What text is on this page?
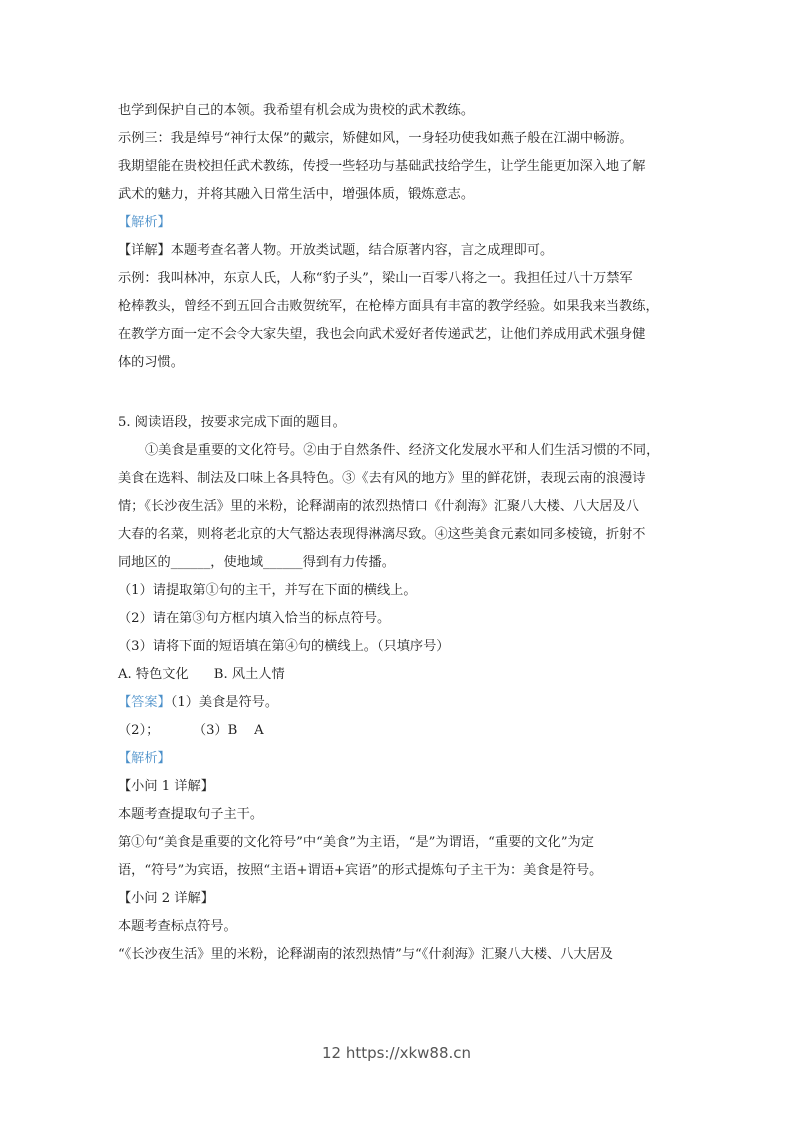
也学到保护自己的本领。我希望有机会成为贵校的武术教练。
示例三：我是绰号“神行太保”的戴宗，矫健如风，一身轻功使我如燕子般在江湖中畅游。
我期望能在贵校担任武术教练，传授一些轻功与基础武技给学生，让学生能更加深入地了解
武术的魅力，并将其融入日常生活中，增强体质，锻炼意志。
【解析】
【详解】本题考查名著人物。开放类试题，结合原著内容，言之成理即可。
示例：我叫林冲，东京人氏，人称“豹子头”，梁山一百零八将之一。我担任过八十万禁军
枪棒教头，曾经不到五回合击败贺统军，在枪棒方面具有丰富的教学经验。如果我来当教练，
在教学方面一定不会令大家失望，我也会向武术爱好者传递武艺，让他们养成用武术强身健
体的习惯。
5. 阅读语段，按要求完成下面的题目。
①美食是重要的文化符号。②由于自然条件、经济文化发展水平和人们生活习惯的不同，
美食在选料、制法及口味上各具特色。③《去有风的地方》里的鲜花饼，表现云南的浪漫诗
情；《长沙夜生活》里的米粉，论释湖南的浓烈热情口《什刹海》汇聚八大楼、八大居及八
大春的名菜，则将老北京的大气豁达表现得淋漓尽致。④这些美食元素如同多棱镜，折射不
同地区的______，使地域______得到有力传播。
（1）请提取第①句的主干，并写在下面的横线上。
（2）请在第③句方框内填入恰当的标点符号。
（3）请将下面的短语填在第④句的横线上。（只填序号）
A. 特色文化      B. 风土人情
【答案】（1）美食是符号。
（2）；        （3）B    A
【解析】
【小问 1 详解】
本题考查提取句子主干。
第①句“美食是重要的文化符号”中“美食”为主语，“是”为谓语，“重要的文化”为定
语，“符号”为宾语，按照“主语+谓语+宾语”的形式提炼句子主干为：美食是符号。
【小问 2 详解】
本题考查标点符号。
“《长沙夜生活》里的米粉，论释湖南的浓烈热情”与“《什刹海》汇聚八大楼、八大居及
12 https://xkw88.cn
